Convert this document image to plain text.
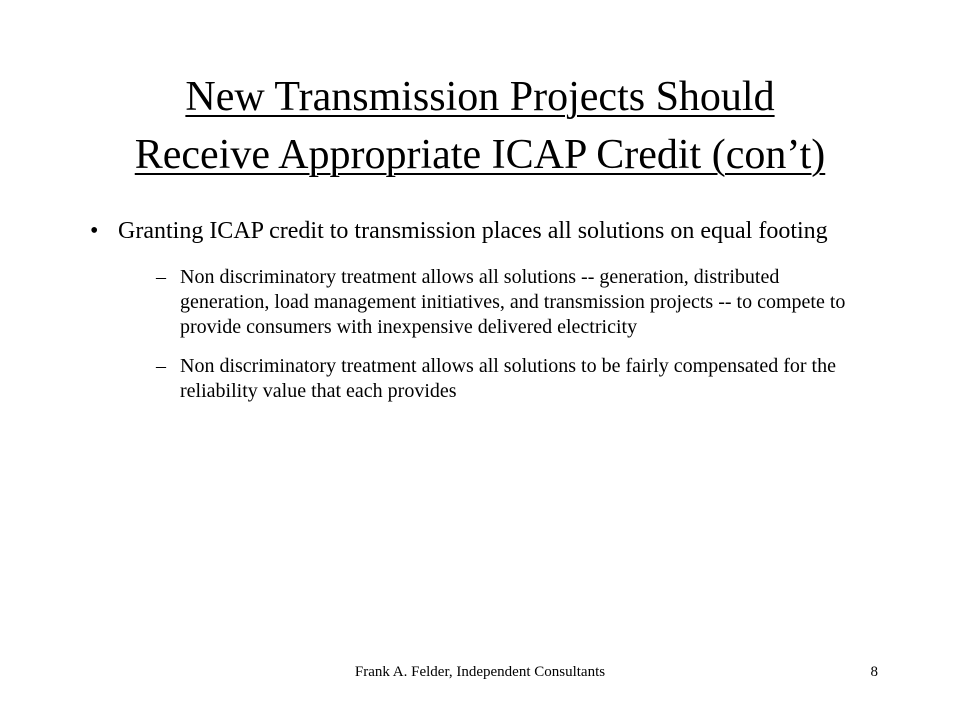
New Transmission Projects Should
Receive Appropriate ICAP Credit (con’t)
• Granting ICAP credit to transmission places all solutions on equal footing
– Non discriminatory treatment allows all solutions -- generation, distributed generation, load management initiatives, and transmission projects -- to compete to provide consumers with inexpensive delivered electricity
– Non discriminatory treatment allows all solutions to be fairly compensated for the reliability value that each provides
Frank A. Felder, Independent Consultants	8
